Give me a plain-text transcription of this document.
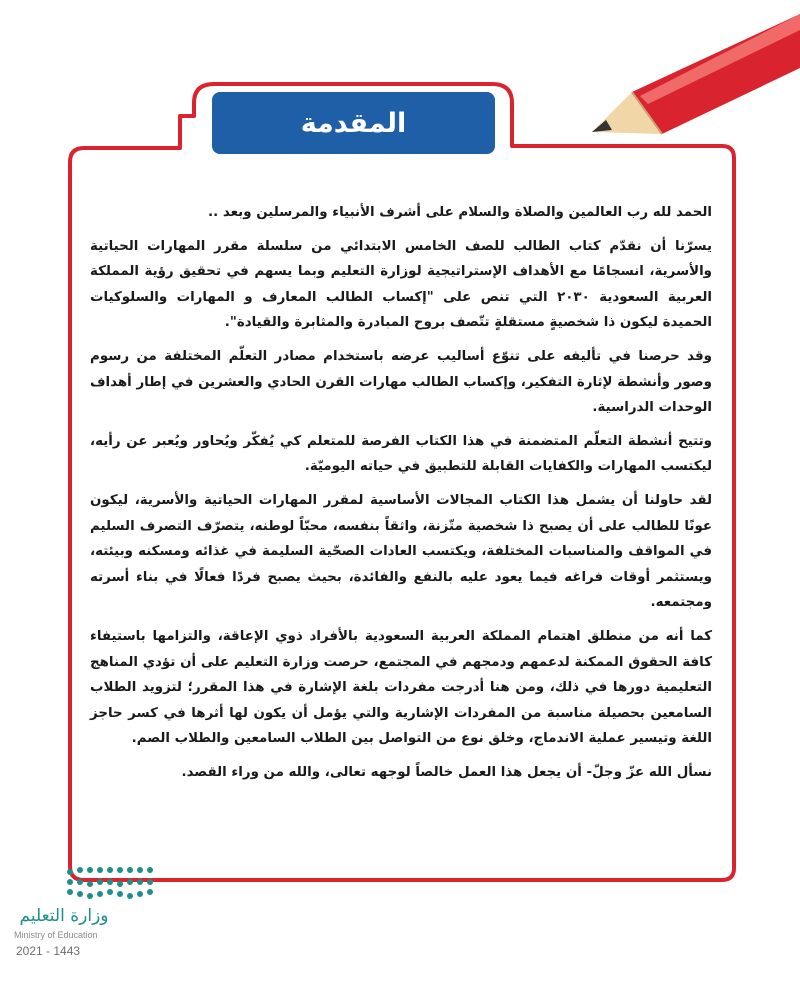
المقدمة

الحمد لله رب العالمين والصلاة والسلام على أشرف الأنبياء والمرسلين وبعد ..

يسرّنا أن نقدّم كتاب الطالب للصف الخامس الابتدائي من سلسلة مقرر المهارات الحياتية والأسرية، انسجامًا مع الأهداف الإستراتيجية لوزارة التعليم وبما يسهم في تحقيق رؤية المملكة العربية السعودية ٢٠٣٠ التي تنص على "إكساب الطالب المعارف و المهارات والسلوكيات الحميدة ليكون ذا شخصيةٍ مستقلةٍ تتّصف بروح المبادرة والمثابرة والقيادة".

وقد حرصنا في تأليفه على تنوّع أساليب عرضه باستخدام مصادر التعلّم المختلفة من رسوم وصور وأنشطة لإثارة التفكير، وإكساب الطالب مهارات القرن الحادي والعشرين في إطار أهداف الوحدات الدراسية.

وتتيح أنشطة التعلّم المتضمنة في هذا الكتاب الفرصة للمتعلم كي يُفكّر ويُحاور ويُعبر عن رأيه، ليكتسب المهارات والكفايات القابلة للتطبيق في حياته اليوميّة.

لقد حاولنا أن يشمل هذا الكتاب المجالات الأساسية لمقرر المهارات الحياتية والأسرية، ليكون عونًا للطالب على أن يصبح ذا شخصية متّزنة، واثقاً بنفسه، محبّاً لوطنه، يتصرّف التصرف السليم في المواقف والمناسبات المختلفة، ويكتسب العادات الصحّية السليمة في غذائه ومسكنه وبيئته، ويستثمر أوقات فراغه فيما يعود عليه بالنفع والفائدة، بحيث يصبح فردًا فعالًا في بناء أسرته ومجتمعه.

كما أنه من منطلق اهتمام المملكة العربية السعودية بالأفراد ذوي الإعاقة، والتزامها باستيفاء كافة الحقوق الممكنة لدعمهم ودمجهم في المجتمع، حرصت وزارة التعليم على أن تؤدي المناهج التعليمية دورها في ذلك، ومن هنا أدرجت مفردات بلغة الإشارة في هذا المقرر؛ لتزويد الطلاب السامعين بحصيلة مناسبة من المفردات الإشارية والتي يؤمل أن يكون لها أثرها في كسر حاجز اللغة وتيسير عملية الاندماج، وخلق نوع من التواصل بين الطلاب السامعين والطلاب الصم.

نسأل الله عزّ وجلّ- أن يجعل هذا العمل خالصاً لوجهه تعالى، والله من وراء القصد.

وزارة التعليم
Ministry of Education
2021 - 1443
